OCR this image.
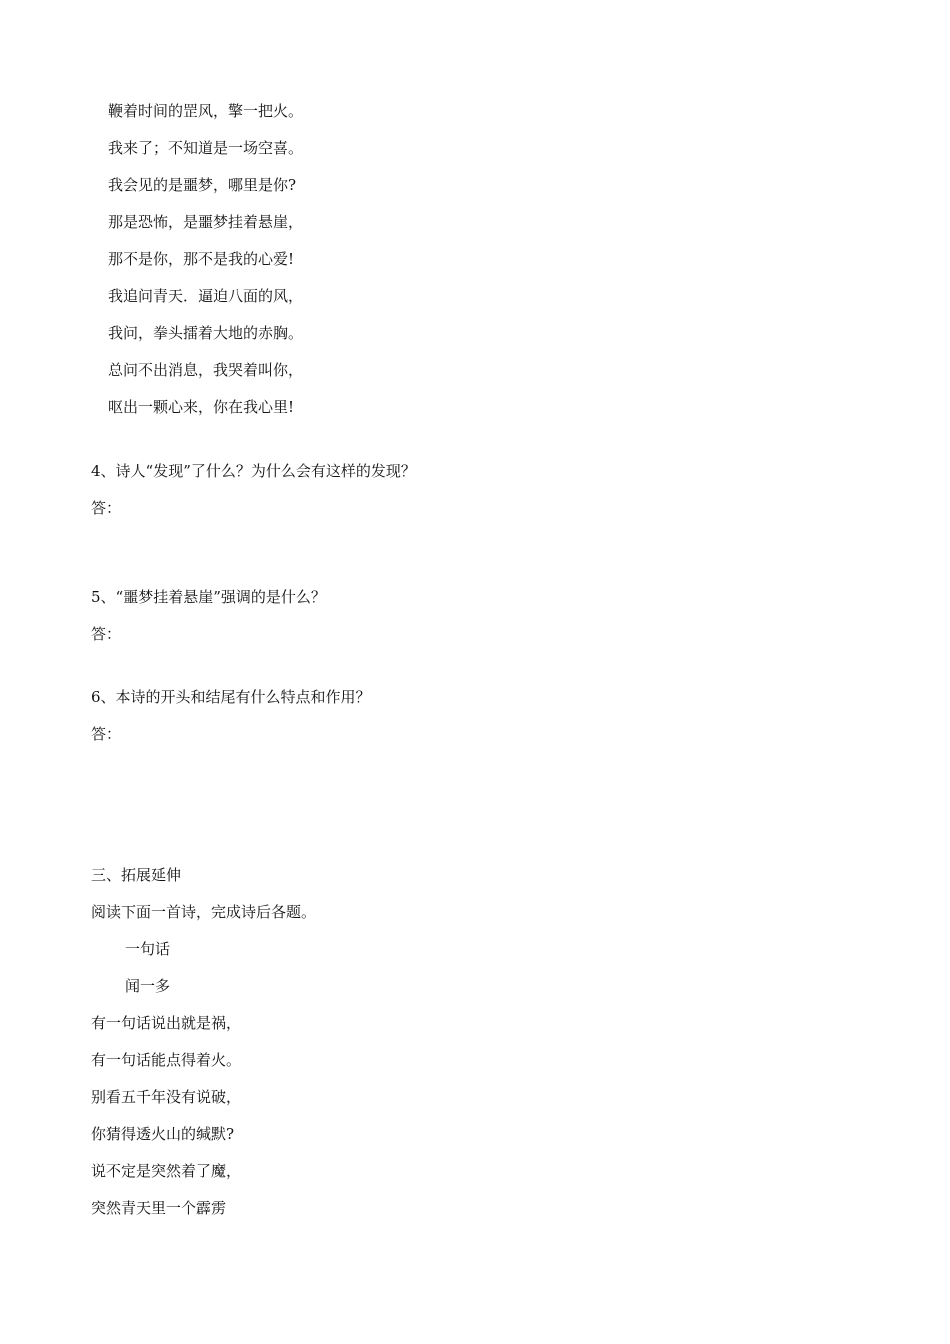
鞭着时间的罡风，擎一把火。
我来了；不知道是一场空喜。
我会见的是噩梦，哪里是你?
那是恐怖，是噩梦挂着悬崖，
那不是你，那不是我的心爱!
我追问青天．逼迫八面的风，
我问，拳头擂着大地的赤胸。
总问不出消息，我哭着叫你，
呕出一颗心来，你在我心里!
4、诗人“发现”了什么？为什么会有这样的发现？
答：
5、“噩梦挂着悬崖”强调的是什么？
答：
6、本诗的开头和结尾有什么特点和作用？
答：
三、拓展延伸
阅读下面一首诗，完成诗后各题。
一句话
闻一多
有一句话说出就是祸，
有一句话能点得着火。
别看五千年没有说破，
你猜得透火山的缄默?
说不定是突然着了魔，
突然青天里一个霹雳
